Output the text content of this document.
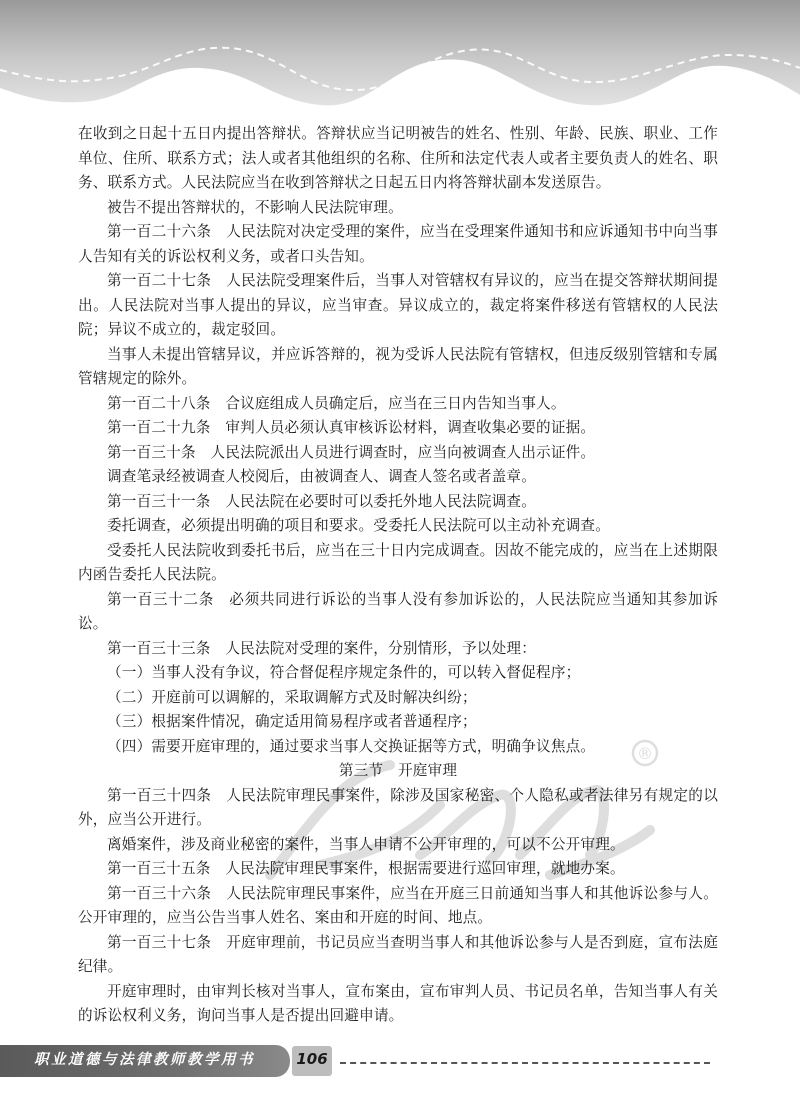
®

在收到之日起十五日内提出答辩状。答辩状应当记明被告的姓名、性别、年龄、民族、职业、工作单位、住所、联系方式；法人或者其他组织的名称、住所和法定代表人或者主要负责人的姓名、职务、联系方式。人民法院应当在收到答辩状之日起五日内将答辩状副本发送原告。

被告不提出答辩状的，不影响人民法院审理。

第一百二十六条　人民法院对决定受理的案件，应当在受理案件通知书和应诉通知书中向当事人告知有关的诉讼权利义务，或者口头告知。

第一百二十七条　人民法院受理案件后，当事人对管辖权有异议的，应当在提交答辩状期间提出。人民法院对当事人提出的异议，应当审查。异议成立的，裁定将案件移送有管辖权的人民法院；异议不成立的，裁定驳回。

当事人未提出管辖异议，并应诉答辩的，视为受诉人民法院有管辖权，但违反级别管辖和专属管辖规定的除外。

第一百二十八条　合议庭组成人员确定后，应当在三日内告知当事人。

第一百二十九条　审判人员必须认真审核诉讼材料，调查收集必要的证据。

第一百三十条　人民法院派出人员进行调查时，应当向被调查人出示证件。

调查笔录经被调查人校阅后，由被调查人、调查人签名或者盖章。

第一百三十一条　人民法院在必要时可以委托外地人民法院调查。

委托调查，必须提出明确的项目和要求。受委托人民法院可以主动补充调查。

受委托人民法院收到委托书后，应当在三十日内完成调查。因故不能完成的，应当在上述期限内函告委托人民法院。

第一百三十二条　必须共同进行诉讼的当事人没有参加诉讼的，人民法院应当通知其参加诉讼。

第一百三十三条　人民法院对受理的案件，分别情形，予以处理：

（一）当事人没有争议，符合督促程序规定条件的，可以转入督促程序；

（二）开庭前可以调解的，采取调解方式及时解决纠纷；

（三）根据案件情况，确定适用简易程序或者普通程序；

（四）需要开庭审理的，通过要求当事人交换证据等方式，明确争议焦点。

第三节　开庭审理

第一百三十四条　人民法院审理民事案件，除涉及国家秘密、个人隐私或者法律另有规定的以外，应当公开进行。

离婚案件，涉及商业秘密的案件，当事人申请不公开审理的，可以不公开审理。

第一百三十五条　人民法院审理民事案件，根据需要进行巡回审理，就地办案。

第一百三十六条　人民法院审理民事案件，应当在开庭三日前通知当事人和其他诉讼参与人。公开审理的，应当公告当事人姓名、案由和开庭的时间、地点。

第一百三十七条　开庭审理前，书记员应当查明当事人和其他诉讼参与人是否到庭，宣布法庭纪律。

开庭审理时，由审判长核对当事人，宣布案由，宣布审判人员、书记员名单，告知当事人有关的诉讼权利义务，询问当事人是否提出回避申请。

职业道德与法律教师教学用书	106
